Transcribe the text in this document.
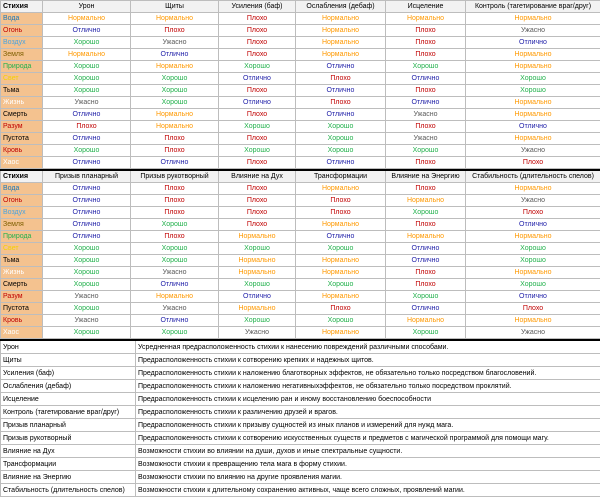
Стихия	Урон	Щиты	Усиления (баф)	Ослабления (дебаф)	Исцеление	Контроль (тагетирование враг/друг)
Вода	Нормально	Нормально	Плохо	Нормально	Нормально	Нормально
Огонь	Отлично	Плохо	Плохо	Нормально	Плохо	Ужасно
Воздух	Хорошо	Ужасно	Плохо	Нормально	Плохо	Отлично
Земля	Нормально	Отлично	Плохо	Нормально	Плохо	Нормально
Природа	Хорошо	Нормально	Хорошо	Отлично	Хорошо	Нормально
Свет	Хорошо	Хорошо	Отлично	Плохо	Отлично	Хорошо
Тьма	Хорошо	Хорошо	Плохо	Отлично	Плохо	Хорошо
Жизнь	Ужасно	Хорошо	Отлично	Плохо	Отлично	Нормально
Смерть	Отлично	Нормально	Плохо	Отлично	Ужасно	Нормально
Разум	Плохо	Нормально	Хорошо	Хорошо	Плохо	Отлично
Пустота	Отлично	Плохо	Плохо	Хорошо	Ужасно	Нормально
Кровь	Хорошо	Плохо	Хорошо	Хорошо	Хорошо	Ужасно
Хаос	Отлично	Отлично	Плохо	Отлично	Плохо	Плохо
Стихия	Призыв планарный	Призыв рукотворный	Влияние на Дух	Трансформации	Влияние на Энергию	Стабильность (длительность спелов)
Вода	Отлично	Плохо	Плохо	Нормально	Плохо	Нормально
Огонь	Отлично	Плохо	Плохо	Плохо	Нормально	Ужасно
Воздух	Отлично	Плохо	Плохо	Плохо	Хорошо	Плохо
Земля	Отлично	Хорошо	Плохо	Нормально	Плохо	Отлично
Природа	Отлично	Плохо	Нормально	Отлично	Нормально	Нормально
Свет	Хорошо	Хорошо	Хорошо	Хорошо	Отлично	Хорошо
Тьма	Хорошо	Хорошо	Нормально	Нормально	Отлично	Хорошо
Жизнь	Хорошо	Ужасно	Нормально	Нормально	Плохо	Нормально
Смерть	Хорошо	Отлично	Хорошо	Хорошо	Плохо	Хорошо
Разум	Ужасно	Нормально	Отлично	Нормально	Хорошо	Отлично
Пустота	Хорошо	Ужасно	Нормально	Плохо	Отлично	Плохо
Кровь	Ужасно	Отлично	Хорошо	Хорошо	Нормально	Нормально
Хаос	Хорошо	Хорошо	Ужасно	Нормально	Хорошо	Ужасно
Урон	Усредненная предрасположенность стихии к нанесению повреждений различными способами.
Щиты	Предрасположенность стихии к сотворению крепких и надежных щитов.
Усиления (баф)	Предрасположенность стихии к наложению благотворных эффектов, не обязательно только посредством благословений.
Ослабления (дебаф)	Предрасположенность стихии к наложению негативныхэффектов, не обязательно только посредством проклятий.
Исцеление	Предрасположенность стихии к исцелению ран и иному восстановлению боеспособности
Контроль (тагетирование враг/друг)	Предрасположенность стихии к различению друзей и врагов.
Призыв планарный	Предрасположенность стихии к призыву сущностей из иных планов и измерений для нужд мага.
Призыв рукотворный	Предрасположенность стихии к сотворению искусственных существ и предметов с магической программой для помощи магу.
Влияние на Дух	Возможности стихии во влиянии на души, духов и иные спектральные сущности.
Трансформации	Возможности стихии к превращению тела мага в форму стихии.
Влияние на Энергию	Возможности стихии по влиянию на другие проявления магии.
Стабильность (длительность спелов)	Возможности стихии к длительному сохранению активных, чаще всего сложных, проявлений магии.
